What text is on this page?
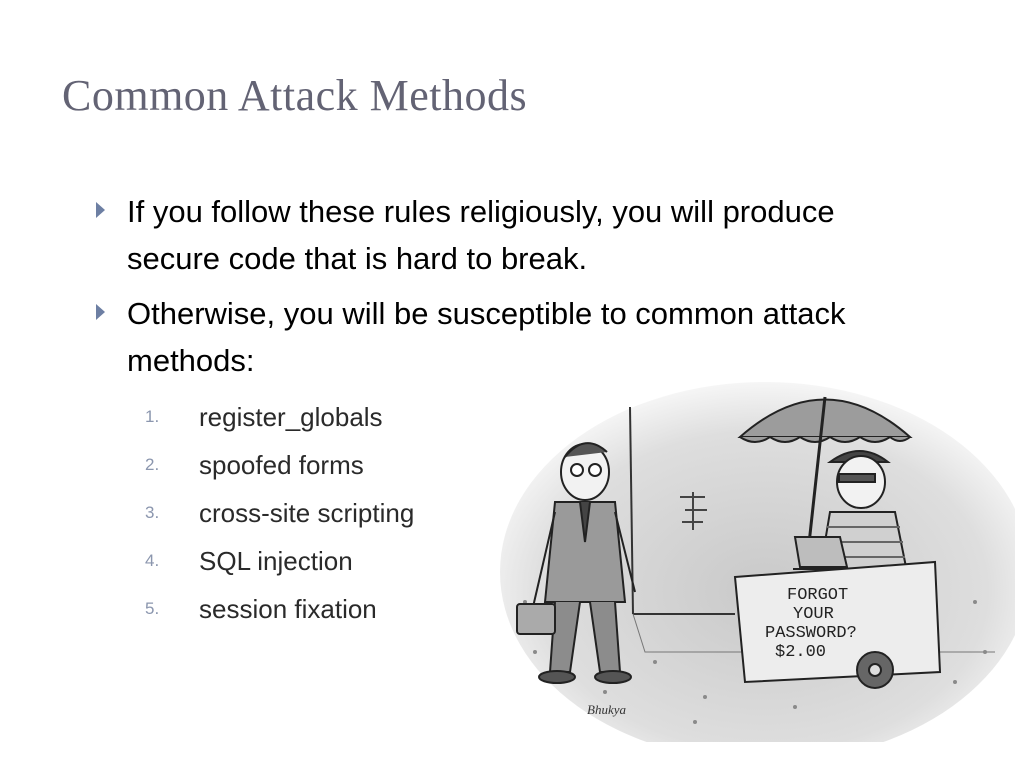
Common Attack Methods
If you follow these rules religiously, you will produce secure code that is hard to break.
Otherwise, you will be susceptible to common attack methods:
1.	register_globals
2.	spoofed forms
3.	cross-site scripting
4.	SQL injection
5.	session fixation	FORGOT
YOUR
PASSWORD?
$2.00
Bhukya
